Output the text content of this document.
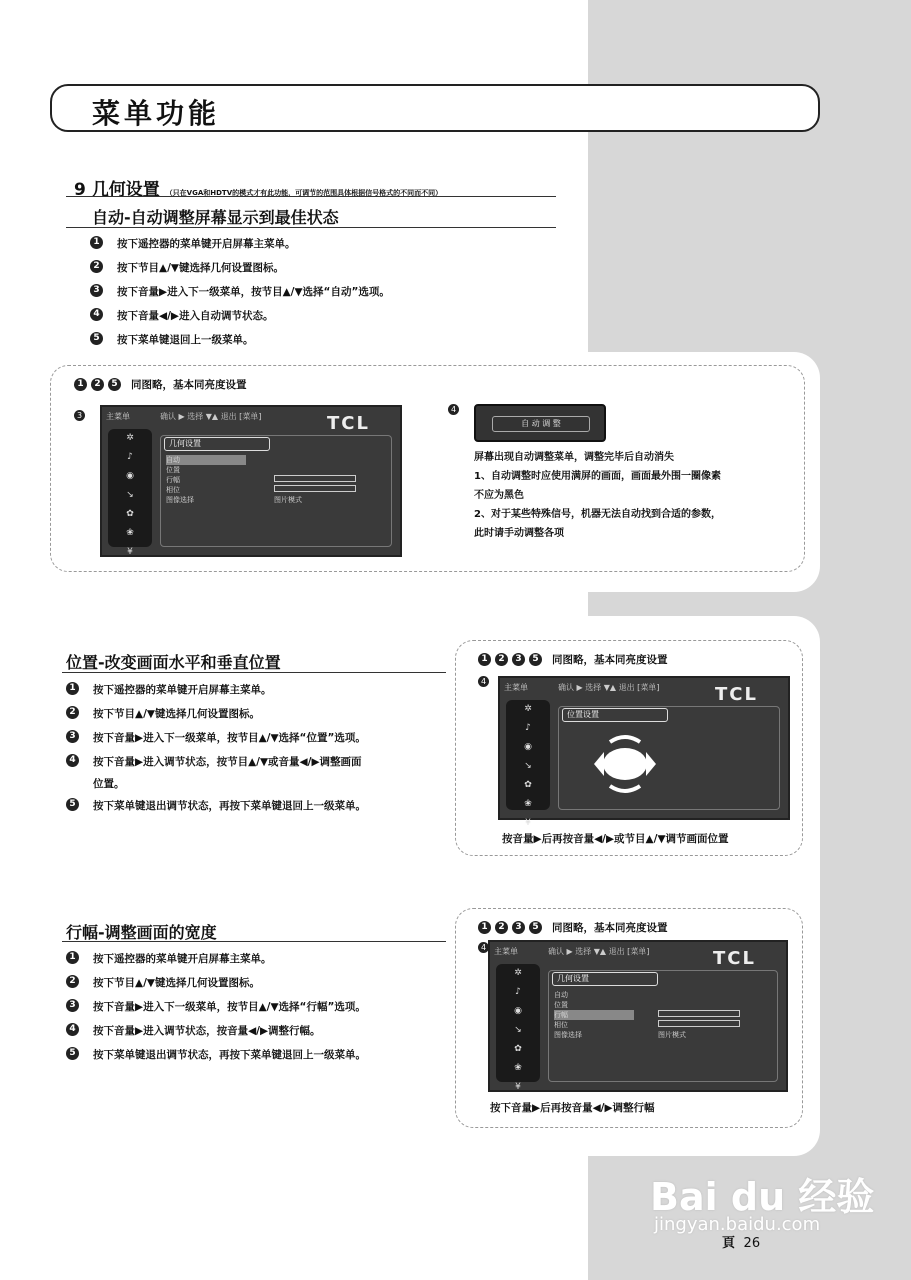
菜单功能
9 几何设置 （只在VGA和HDTV的模式才有此功能，可调节的范围具体根据信号格式的不同而不同）
自动-自动调整屏幕显示到最佳状态
1	按下遥控器的菜单键开启屏幕主菜单。
2	按下节目▲/▼键选择几何设置图标。
3	按下音量▶进入下一级菜单，按节目▲/▼选择“自动”选项。
4	按下音量◀/▶进入自动调节状态。
5	按下菜单键退回上一级菜单。
1	2	5	同图略，基本同亮度设置
3	主菜单	确认 ▶ 选择 ▼▲ 退出 [菜单]	TCL
✲
♪
◉
↘
✿
❀
¥
几何设置
自动
位置
行幅
相位
图像选择	图片模式
4
自 动 调 整
屏幕出现自动调整菜单，调整完毕后自动消失
1、自动调整时应使用满屏的画面，画面最外围一圈像素
不应为黑色
2、对于某些特殊信号，机器无法自动找到合适的参数，
此时请手动调整各项
位置-改变画面水平和垂直位置
1	按下遥控器的菜单键开启屏幕主菜单。
2	按下节目▲/▼键选择几何设置图标。
3	按下音量▶进入下一级菜单，按节目▲/▼选择“位置”选项。
4	按下音量▶进入调节状态，按节目▲/▼或音量◀/▶调整画面
位置。
5	按下菜单键退出调节状态，再按下菜单键退回上一级菜单。
1	2	3	5	同图略，基本同亮度设置
4
主菜单	确认 ▶ 选择 ▼▲ 退出 [菜单]	TCL
✲
♪
◉
↘
✿
❀
¥
位置设置
按音量▶后再按音量◀/▶或节目▲/▼调节画面位置
行幅-调整画面的宽度
1	按下遥控器的菜单键开启屏幕主菜单。
2	按下节目▲/▼键选择几何设置图标。
3	按下音量▶进入下一级菜单，按节目▲/▼选择“行幅”选项。
4	按下音量▶进入调节状态，按音量◀/▶调整行幅。
5	按下菜单键退出调节状态，再按下菜单键退回上一级菜单。
1	2	3	5	同图略，基本同亮度设置
4 主菜单	确认 ▶ 选择 ▼▲ 退出 [菜单]	TCL
✲
♪
◉
↘
✿
❀
¥
几何设置
自动
位置
行幅
相位
图像选择	图片模式
按下音量▶后再按音量◀/▶调整行幅
Bai du 经验
jingyan.baidu.com
頁 26
